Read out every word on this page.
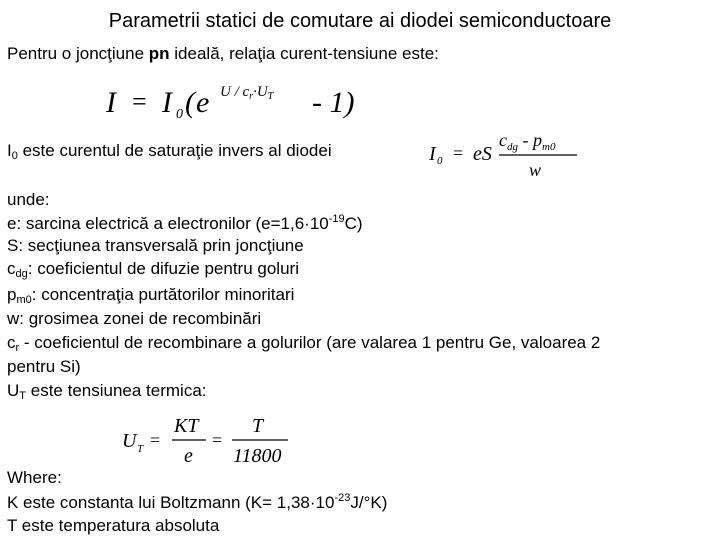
Parametrii statici de comutare ai diodei semiconductoare
Pentru o joncţiune pn ideală, relaţia curent-tensiune este:
I = I 0 ( e $U / c_r\cdot U_T - 1$)
$I_0$ este curentul de saturaţie invers al diodei	I 0 = eS
$c_{dg} - p_{m0}$
w
unde:
e: sarcina electrică a electronilor $(e=1,6\cdot 10^{-19}C)$
S: secţiunea transversală prin joncţiune
$c_{dg}$: coeficientul de difuzie pentru goluri
$p_{m0}$: concentraţia purtătorilor minoritari
w: grosimea zonei de recombinări
$c_r$ - coeficientul de recombinare a golurilor (are valarea 1 pentru Ge, valoarea 2
pentru Si)
$U_T$ este tensiunea termica:
U T =
KT
e
=
T
11800
Where:
K este constanta lui Boltzmann $(K= 1,38\cdot 10^{-23}J/^\circ K)$
T este temperatura absoluta
